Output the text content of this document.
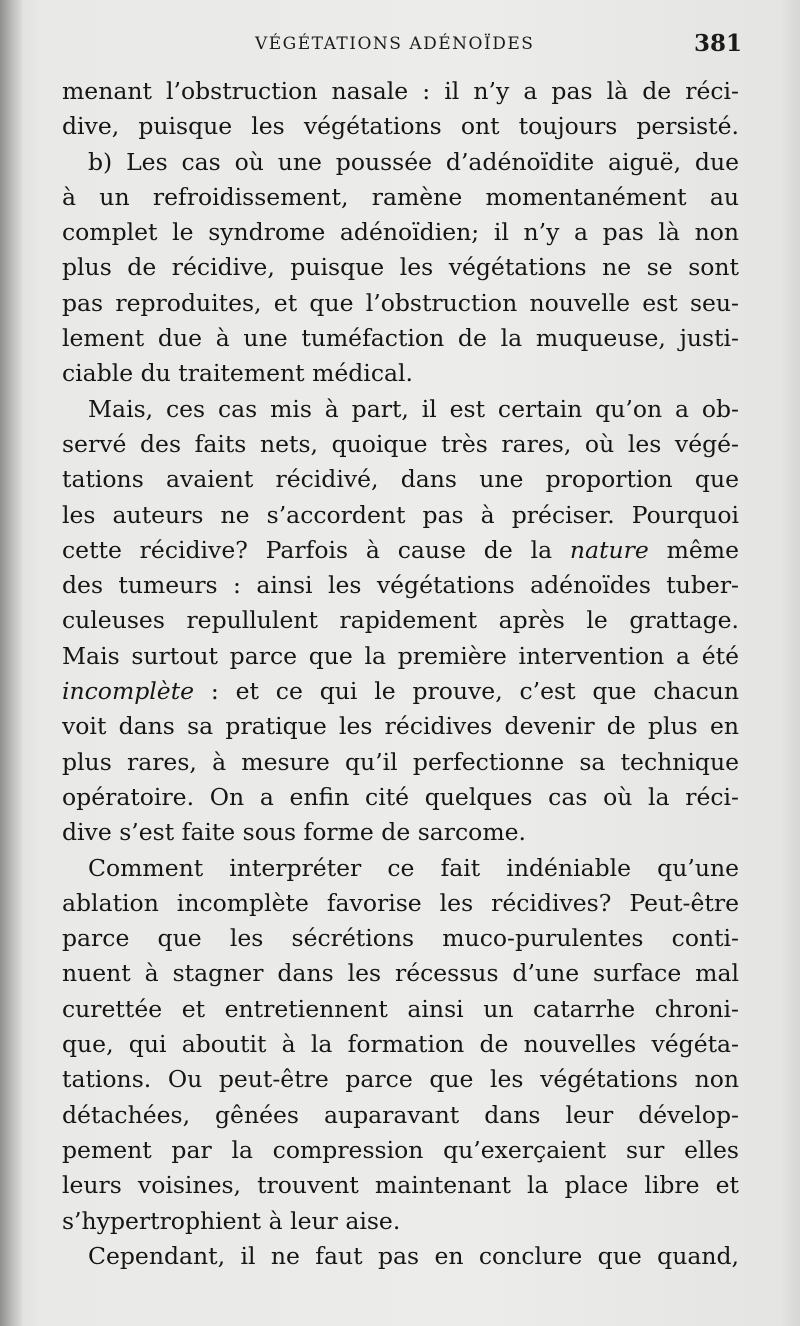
VÉGÉTATIONS ADÉNOÏDES	381
menant l’obstruction nasale : il n’y a pas là de réci-
dive, puisque les végétations ont toujours persisté.
b) Les cas où une poussée d’adénoïdite aiguë, due
à un refroidissement, ramène momentanément au
complet le syndrome adénoïdien; il n’y a pas là non
plus de récidive, puisque les végétations ne se sont
pas reproduites, et que l’obstruction nouvelle est seu-
lement due à une tuméfaction de la muqueuse, justi-
ciable du traitement médical.
Mais, ces cas mis à part, il est certain qu’on a ob-
servé des faits nets, quoique très rares, où les végé-
tations avaient récidivé, dans une proportion que
les auteurs ne s’accordent pas à préciser. Pourquoi
cette récidive? Parfois à cause de la nature même
des tumeurs : ainsi les végétations adénoïdes tuber-
culeuses repullulent rapidement après le grattage.
Mais surtout parce que la première intervention a été
incomplète : et ce qui le prouve, c’est que chacun
voit dans sa pratique les récidives devenir de plus en
plus rares, à mesure qu’il perfectionne sa technique
opératoire. On a enfin cité quelques cas où la réci-
dive s’est faite sous forme de sarcome.
Comment interpréter ce fait indéniable qu’une
ablation incomplète favorise les récidives? Peut-être
parce que les sécrétions muco-purulentes conti-
nuent à stagner dans les récessus d’une surface mal
curettée et entretiennent ainsi un catarrhe chroni-
que, qui aboutit à la formation de nouvelles végéta-
tations. Ou peut-être parce que les végétations non
détachées, gênées auparavant dans leur dévelop-
pement par la compression qu’exerçaient sur elles
leurs voisines, trouvent maintenant la place libre et
s’hypertrophient à leur aise.
Cependant, il ne faut pas en conclure que quand,
